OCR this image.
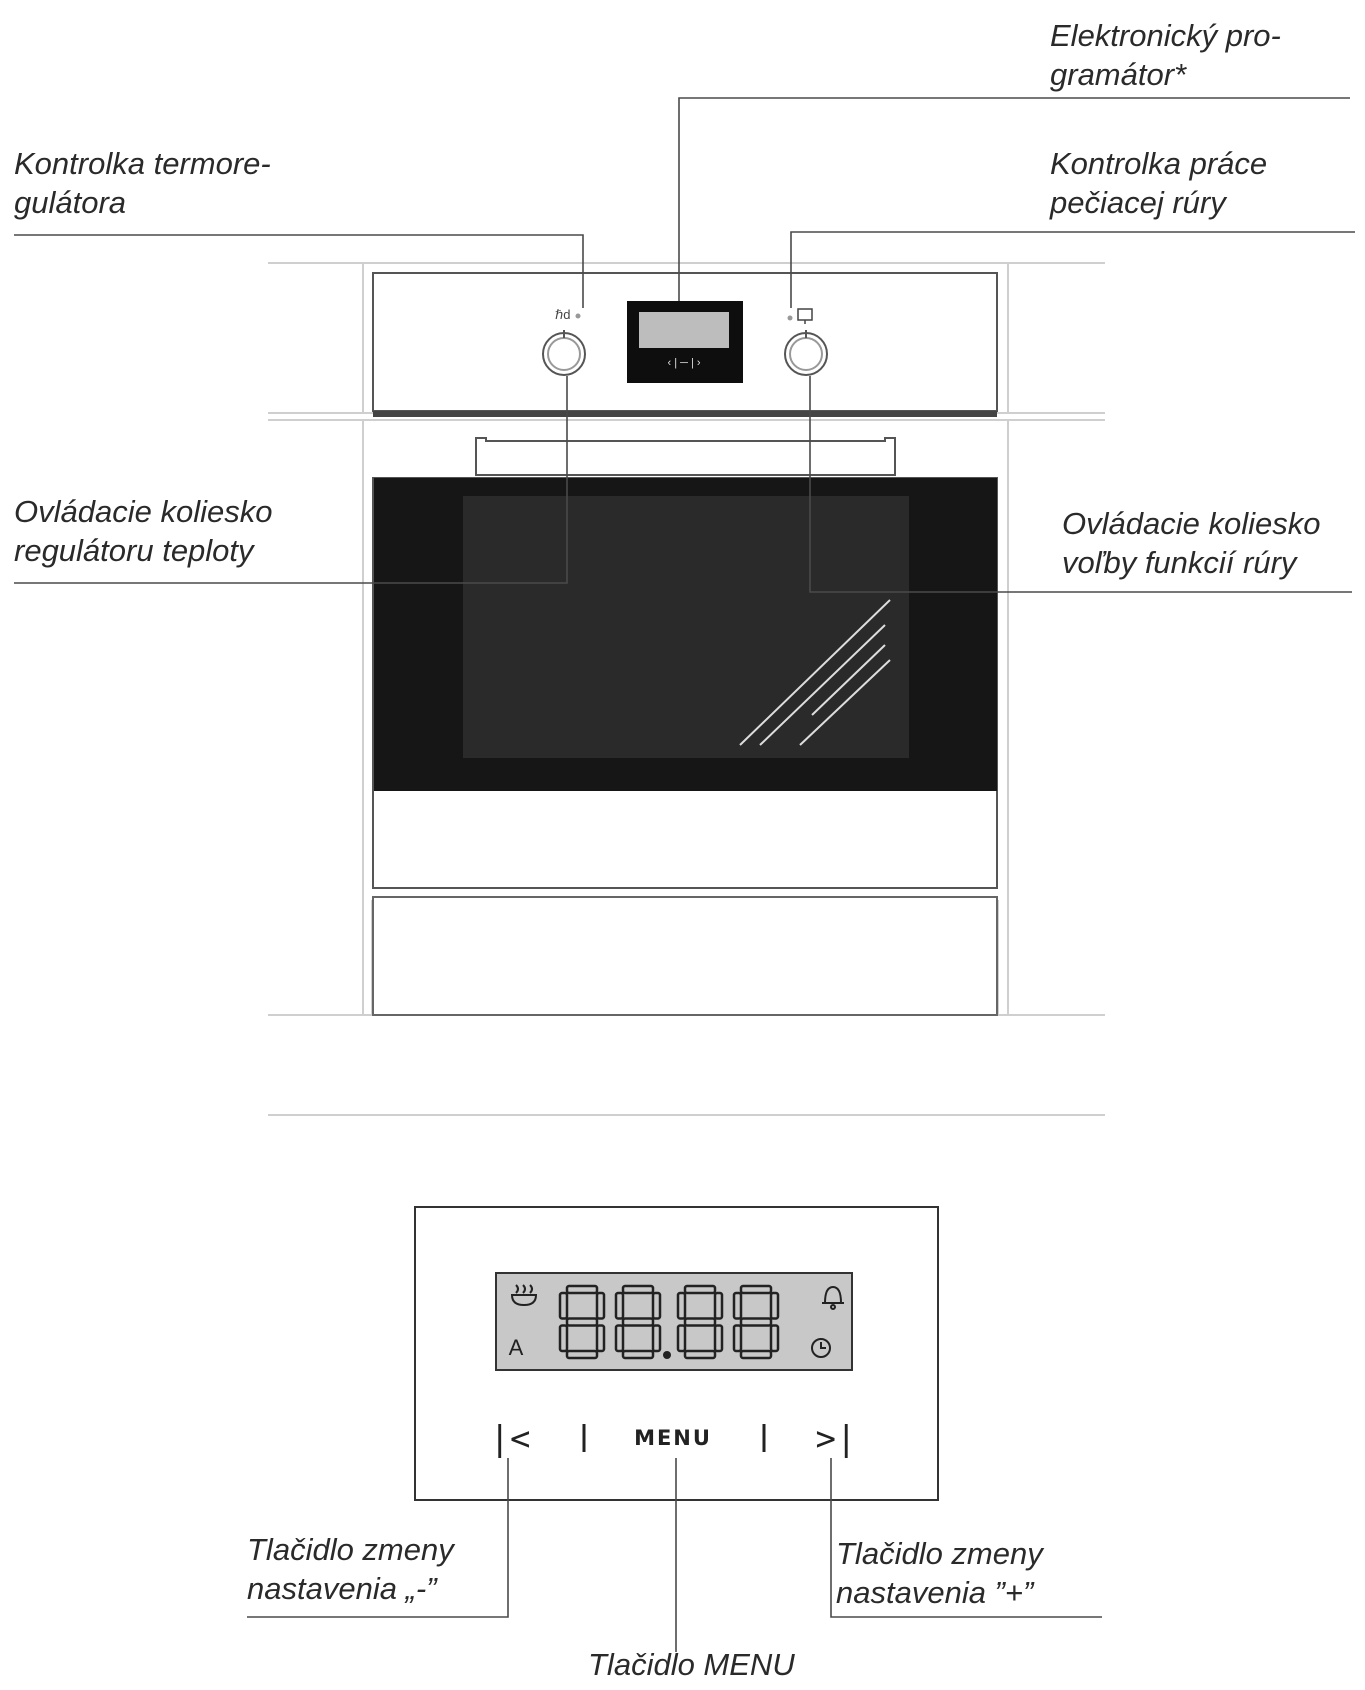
ℏd
‹ | ─ | ›
A
|<	MENU	>|
Elektronický pro-
gramátor*
Kontrolka termore-
gulátora
Kontrolka práce
pečiacej rúry
Ovládacie koliesko
regulátoru teploty
Ovládacie koliesko
voľby funkcií rúry
Tlačidlo zmeny
nastavenia „-”
Tlačidlo zmeny
nastavenia ”+”
Tlačidlo MENU
